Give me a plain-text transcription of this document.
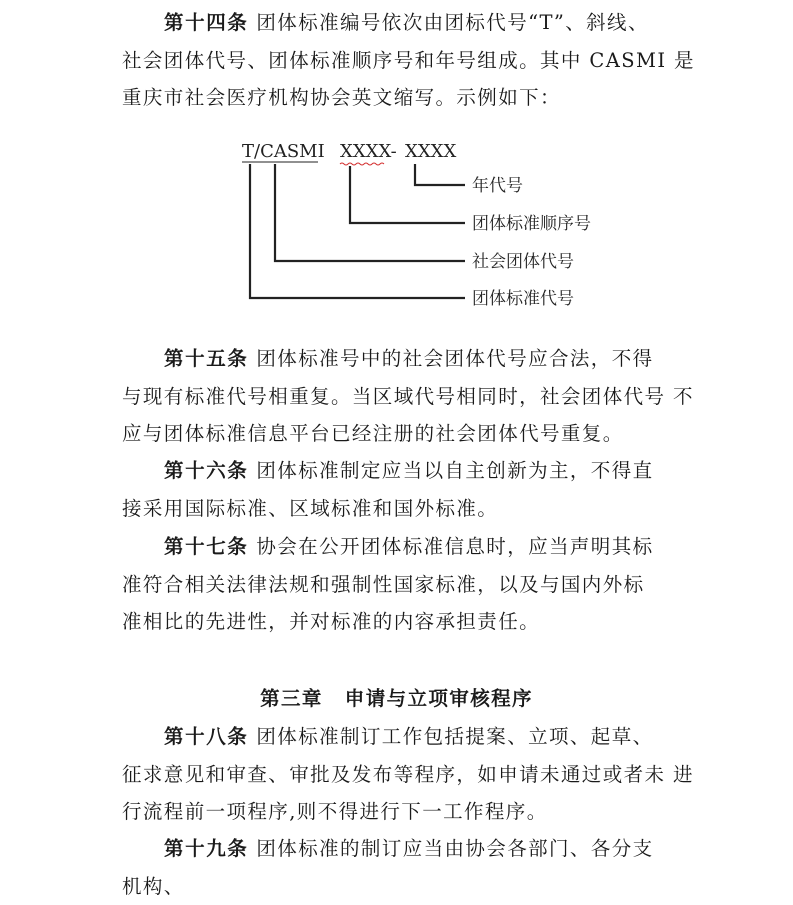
第十四条 团体标准编号依次由团标代号“T”、斜线、
社会团体代号、团体标准顺序号和年号组成。其中 CASMI 是
重庆市社会医疗机构协会英文缩写。示例如下：
T/CASMI XXXX- XXXX
年代号
团体标准顺序号
社会团体代号
团体标准代号
第十五条 团体标准号中的社会团体代号应合法，不得
与现有标准代号相重复。当区域代号相同时，社会团体代号 不
应与团体标准信息平台已经注册的社会团体代号重复。
第十六条 团体标准制定应当以自主创新为主，不得直
接采用国际标准、区域标准和国外标准。
第十七条 协会在公开团体标准信息时，应当声明其标
准符合相关法律法规和强制性国家标准，以及与国内外标
准相比的先进性，并对标准的内容承担责任。
第三章 申请与立项审核程序
第十八条 团体标准制订工作包括提案、立项、起草、
征求意见和审查、审批及发布等程序，如申请未通过或者未 进
行流程前一项程序,则不得进行下一工作程序。
第十九条 团体标准的制订应当由协会各部门、各分支
机构、
